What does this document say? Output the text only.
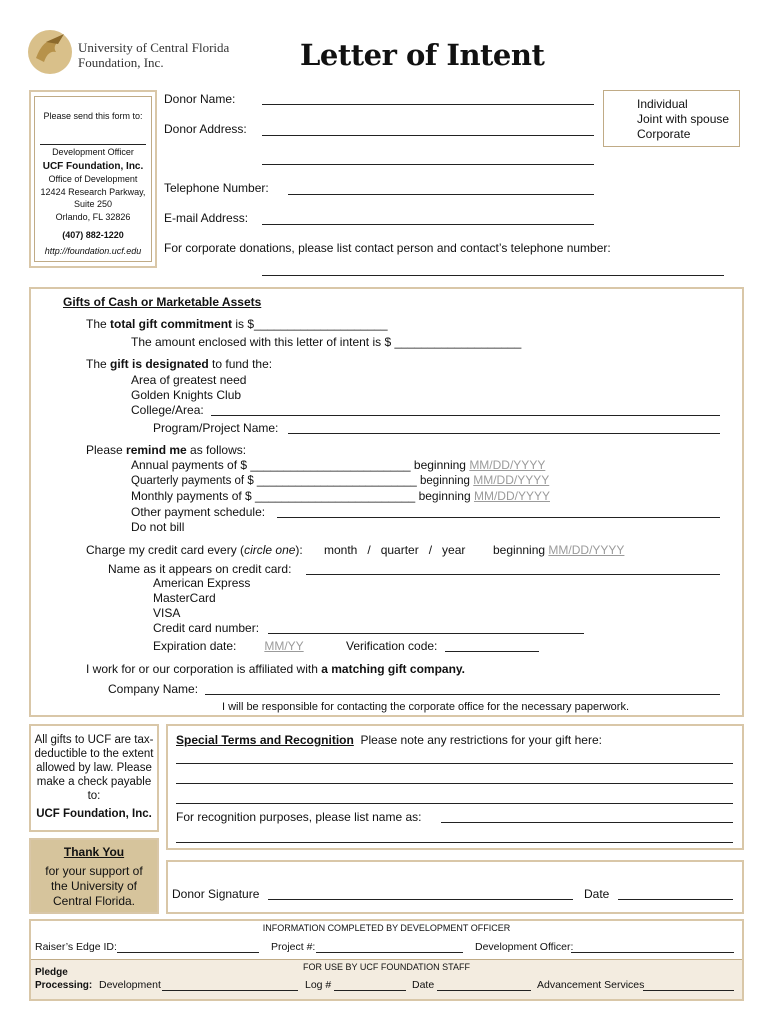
University of Central Florida
Foundation, Inc.	Letter of Intent
Please send this form to:
Development Officer
UCF Foundation, Inc.
Office of Development
12424 Research Parkway,
Suite 250
Orlando, FL 32826
(407) 882-1220
http://foundation.ucf.edu
Donor Name:
Donor Address:
Telephone Number:
E-mail Address:
For corporate donations, please list contact person and contact’s telephone number:
Individual
Joint with spouse
Corporate
Gifts of Cash or Marketable Assets
The total gift commitment is $____________________
The amount enclosed with this letter of intent is $ ___________________
The gift is designated to fund the:
Area of greatest need
Golden Knights Club
College/Area:
Program/Project Name:
Please remind me as follows:
Annual payments of $ ________________________ beginning MM/DD/YYYY
Quarterly payments of $ _________________________ beginning MM/DD/YYYY
Monthly payments of $ ________________________ beginning MM/DD/YYYY
Other payment schedule:
Do not bill
Charge my credit card every (circle one): month   /   quarter   /   year beginning MM/DD/YYYY
Name as it appears on credit card:
American Express
MasterCard
VISA
Credit card number:
Expiration date:	MM/YY	Verification code:
I work for or our corporation is affiliated with a matching gift company.
Company Name:
I will be responsible for contacting the corporate office for the necessary paperwork.
All gifts to UCF are tax-deductible to the extent allowed by law. Please make a check payable to:
UCF Foundation, Inc.
Special Terms and Recognition Please note any restrictions for your gift here:
For recognition purposes, please list name as:
Thank You
for your support of the University of Central Florida.	Donor Signature	Date
INFORMATION COMPLETED BY DEVELOPMENT OFFICER
Raiser’s Edge ID:	Project #:	Development Officer:
FOR USE BY UCF FOUNDATION STAFF
Pledge
Processing: Development	Log #	Date	Advancement Services
